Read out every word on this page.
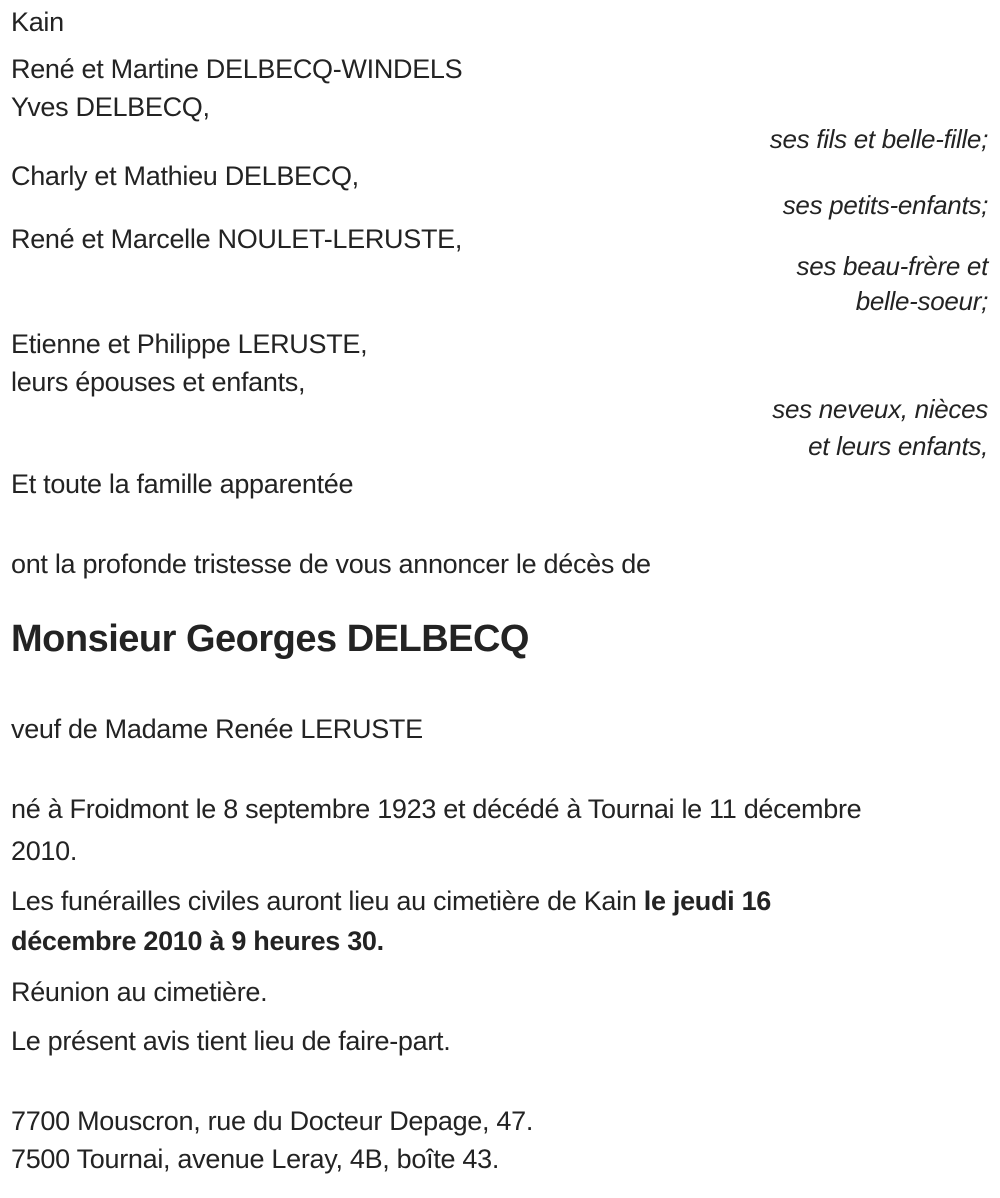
Kain
René et Martine DELBECQ-WINDELS
Yves DELBECQ,
ses fils et belle-fille;
Charly et Mathieu DELBECQ,
ses petits-enfants;
René et Marcelle NOULET-LERUSTE,
ses beau-frère et
belle-soeur;
Etienne et Philippe LERUSTE,
leurs épouses et enfants,
ses neveux, nièces
et leurs enfants,
Et toute la famille apparentée
ont la profonde tristesse de vous annoncer le décès de
Monsieur Georges DELBECQ
veuf de Madame Renée LERUSTE
né à Froidmont le 8 septembre 1923 et décédé à Tournai le 11 décembre
2010.
Les funérailles civiles auront lieu au cimetière de Kain le jeudi 16
décembre 2010 à 9 heures 30.
Réunion au cimetière.
Le présent avis tient lieu de faire-part.
7700 Mouscron, rue du Docteur Depage, 47.
7500 Tournai, avenue Leray, 4B, boîte 43.
